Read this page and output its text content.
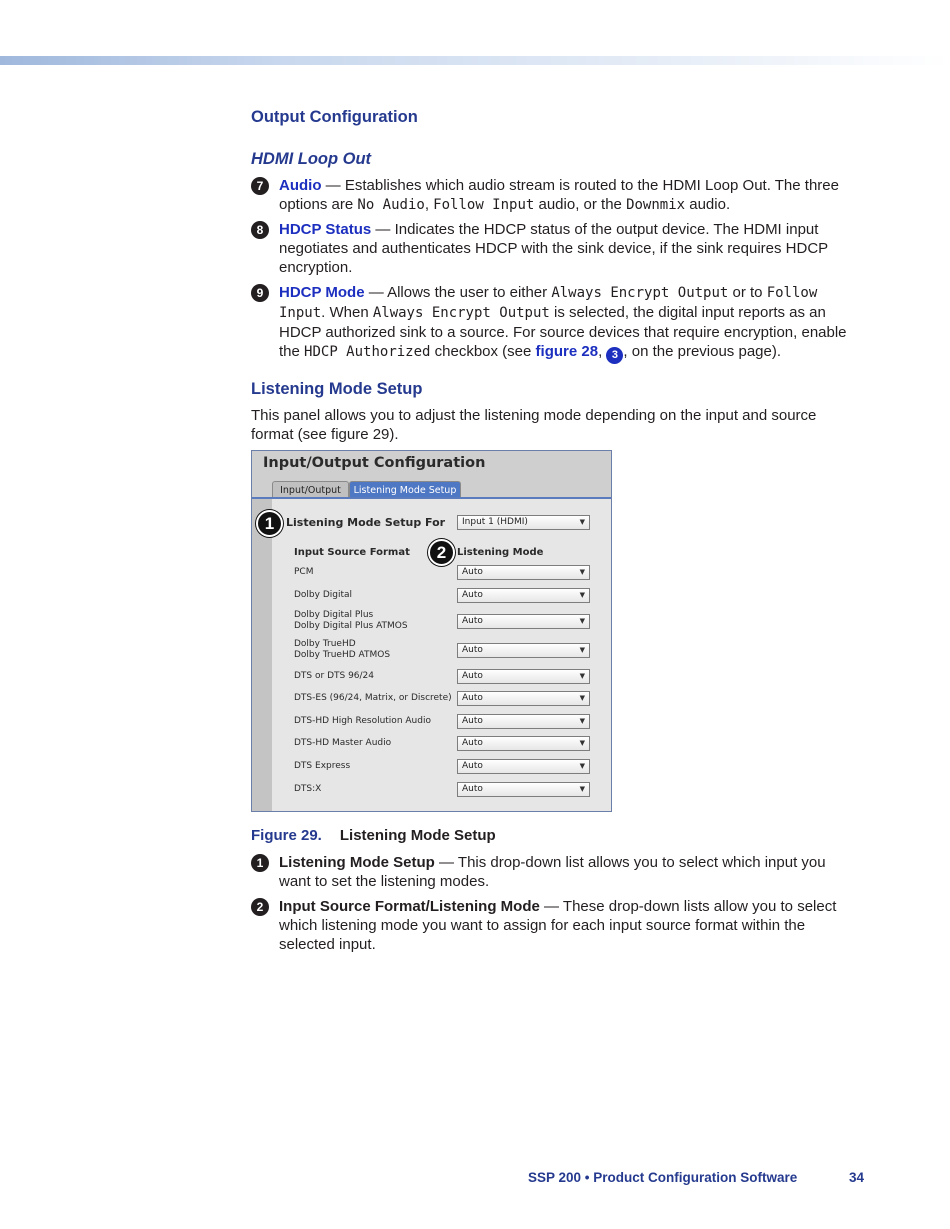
Output Configuration
HDMI Loop Out
7	Audio — Establishes which audio stream is routed to the HDMI Loop Out. The three options are No Audio, Follow Input audio, or the Downmix audio.
8	HDCP Status — Indicates the HDCP status of the output device. The HDMI input negotiates and authenticates HDCP with the sink device, if the sink requires HDCP encryption.
9	HDCP Mode — Allows the user to either Always Encrypt Output or to Follow Input. When Always Encrypt Output is selected, the digital input reports as an HDCP authorized sink to a source. For source devices that require encryption, enable the HDCP Authorized checkbox (see figure 28, 3 , on the previous page).
Listening Mode Setup

This panel allows you to adjust the listening mode depending on the input and source format (see figure 29).

Input/Output Configuration
Input/Output	Listening Mode Setup
Listening Mode Setup For	Input 1 (HDMI)	▼
Input Source Format	Listening Mode
1
2
PCM	Auto	▼
Dolby Digital	Auto	▼
Dolby Digital Plus
Dolby Digital Plus ATMOS	Auto	▼
Dolby TrueHD
Dolby TrueHD ATMOS	Auto	▼
DTS or DTS 96/24	Auto	▼
DTS-ES (96/24, Matrix, or Discrete)	Auto	▼
DTS-HD High Resolution Audio	Auto	▼
DTS-HD Master Audio	Auto	▼
DTS Express	Auto	▼
DTS:X	Auto	▼
Figure 29. Listening Mode Setup
1	Listening Mode Setup — This drop-down list allows you to select which input you want to set the listening modes.
2	Input Source Format/Listening Mode — These drop-down lists allow you to select which listening mode you want to assign for each input source format within the selected input.
SSP 200 • Product Configuration Software	34
